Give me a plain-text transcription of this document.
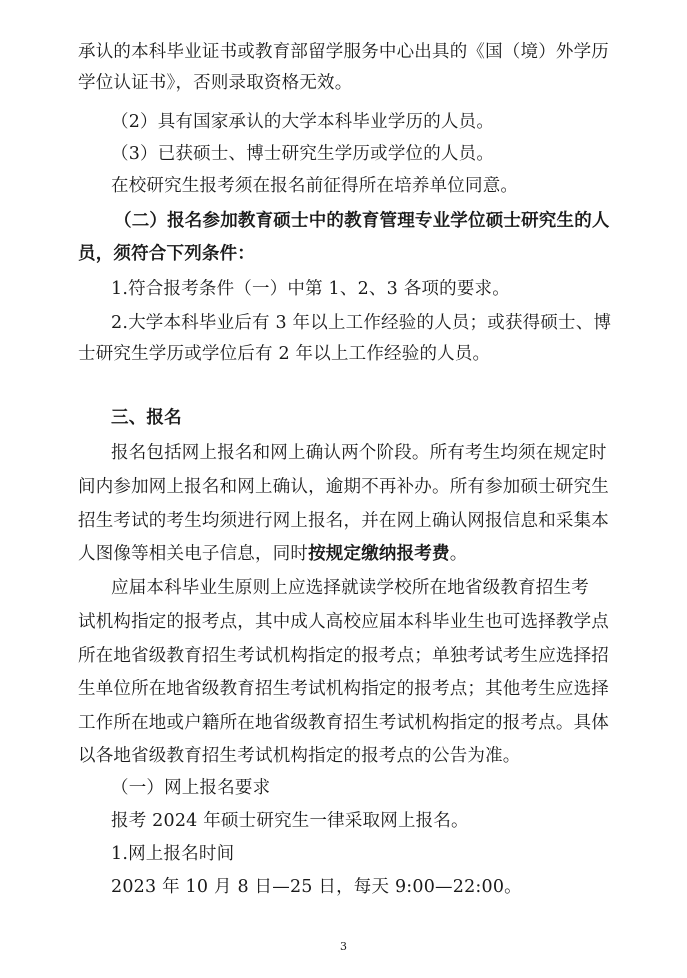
承认的本科毕业证书或教育部留学服务中心出具的《国（境）外学历
学位认证书》，否则录取资格无效。
（2）具有国家承认的大学本科毕业学历的人员。
（3）已获硕士、博士研究生学历或学位的人员。
在校研究生报考须在报名前征得所在培养单位同意。
（二）报名参加教育硕士中的教育管理专业学位硕士研究生的人
员，须符合下列条件：
1.符合报考条件（一）中第 1、2、3 各项的要求。
2.大学本科毕业后有 3 年以上工作经验的人员；或获得硕士、博
士研究生学历或学位后有 2 年以上工作经验的人员。
三、报名
报名包括网上报名和网上确认两个阶段。所有考生均须在规定时
间内参加网上报名和网上确认，逾期不再补办。所有参加硕士研究生
招生考试的考生均须进行网上报名，并在网上确认网报信息和采集本
人图像等相关电子信息，同时按规定缴纳报考费。
应届本科毕业生原则上应选择就读学校所在地省级教育招生考
试机构指定的报考点，其中成人高校应届本科毕业生也可选择教学点
所在地省级教育招生考试机构指定的报考点；单独考试考生应选择招
生单位所在地省级教育招生考试机构指定的报考点；其他考生应选择
工作所在地或户籍所在地省级教育招生考试机构指定的报考点。具体
以各地省级教育招生考试机构指定的报考点的公告为准。
（一）网上报名要求
报考 2024 年硕士研究生一律采取网上报名。
1.网上报名时间
2023 年 10 月 8 日—25 日，每天 9:00—22:00。
3
